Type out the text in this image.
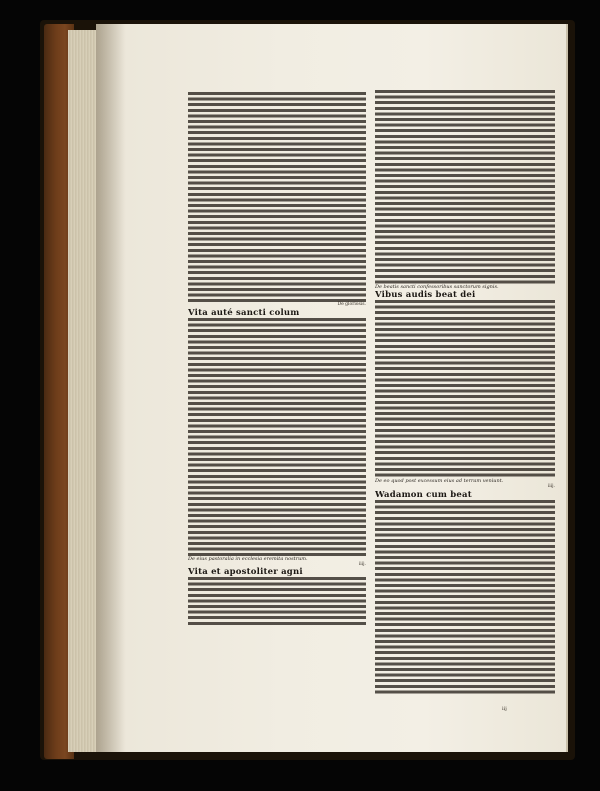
De gloriosis.
Vita auté sancti colum
De eius pastoralia in ecclesia eremita nostrum.
iiij.
Vita et apostoliter agni
De beatis sancti confessoribus sanctorum signis.
Vibus audis beat dei
De eo quod post excessum eius ad terram veniunt.
iiij.
Wadamon cum beat
iij
